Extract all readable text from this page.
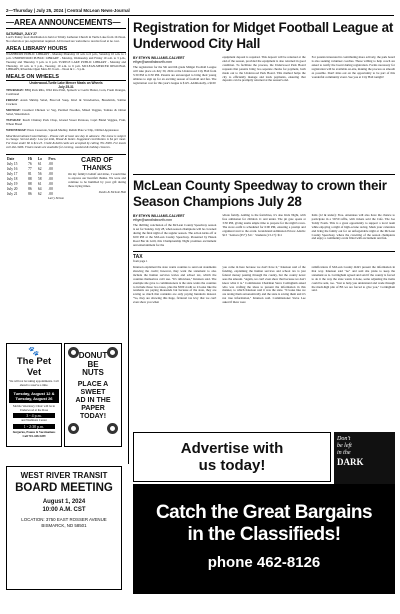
2—Thursday | July 25, 2024 | Central McLean News-Journal
—AREA ANNOUNCEMENTS—
SATURDAY, JULY 27
Lord's Pantry food distribution is held at Trinity Lutheran Church in Turtle Lake from 10-Noon. No referrals or pre-registration required. All in need are welcome to receive food at no cost.
AREA LIBRARY HOURS
WASHBURN PUBLIC LIBRARY - Monday-Thursday 10 a.m. to 6 p.m., Saturday 10 a.m. to 1 p.m. UNDERWOOD PUBLIC LIBRARY - Monday, Wednesday and Friday 10 a.m. to 3 p.m., Tuesday and Thursday 3 p.m. to 6 p.m. TURTLE LAKE PUBLIC LIBRARY - Monday and Thursday, 10 a.m. to 5 p.m., Tuesday, 10 a.m. to 6 p.m. MCLEAN-MERCER REGIONAL LIBRARY, Riverdale Open Mon-Fri 9 a.m. - Noon & 1 - 5 p.m.
MEALS ON WHEELS
Underwood-Turtle Lake Mercer Meals on Wheels
July 25-31
THURSDAY: BBQ Pork Ribs, Wild Rice Pilaf, Spinach w/ Garlic Butter, Corn, Fresh Oranges, Cornbread
FRIDAY: Asian Shrimp Salad, Broccoli Soup, Kiwi & Strawberries, Breadstick, Saltine Crackers
MONDAY: Creamed Chicken w/ Veg, Parslied Noodles, Mixed Veggies, Tomato & Onion Salad, Watermelon
TUESDAY: Peach Chutney Pork Chop, Glazed Sweet Potatoes, Capri Blend Veggies, Fruit, Wheat Bread
WEDNESDAY: Pizza Casserole, Squash Medley, Relish Plate w/ Dip, Chilled Applesauce
Meal Reservations/Cancellations - Please call at least one day in advance. The menu is subject to change. Served daily: Low fat milk, Bread & butter. Suggested contribution is $4 per meal. For those under 60 is $12.25. Credit & debit cards are accepted by calling 701-3000. For meals call 462-3486. Frozen meals are available for evening, weekend & holiday closures.
Date	Hi	Lo	Prec.
July 15	76	61	.00
July 16	77	62	.00
July 17	81	56	.00
July 18	88	58	.00
July 19	88	61	.00
July 20	86	64	.00
July 21	86	62	.00
Larry Nelson
CARD OF THANKS
On my family's behalf and mine, I would like to express our heartfelt thanks. We were and continue to be humbled by your gift during these trying times.
Dustin & Nichole Holt
🐾
The Pet Vet
We will not be taking appointments. Call ahead to reserve a time.
Tuesday, August 12 & Tuesday, August 26
Mobile Veterinary Clinic will be in Underwood at the Rose
3 - 4 p.m.
and Washburn Center
1 - 2:30 p.m.
Surgeries, Exams & Vaccinations
Call 701-448-5289
DONUT
BE
NUTS
PLACE A
SWEET
AD IN THE
PAPER
TODAY!
WEST RIVER TRANSIT
BOARD MEETING
August 1, 2024
10:00 A.M. CST
LOCATION: 3750 EAST ROSSER AVENUE
BISMARCK, ND 58501
Registration for Midget Football League at Underwood City Hall
BY ETHYN WILLIAMS-CALVERT
ethyn@wordinkworth.com
The registration for the 5th and 6th grade Midget Football League will take place on July 30, 2024 at the Underwood City Hall from 5:30 PM to 6:30 PM. Parents are encouraged to bring their young athletes to sign up for an exciting season of football and fun. The registration cost for this year's league is $125. Additionally, a $100
equipment deposit is required. This deposit will be returned at the end of the season, provided the equipment is also returned in good condition. To facilitate the process, the Underwood Park Board requests that parents bring two separate checks for payment, both made out to the Underwood Park Board. This method helps the city to efficiently manage and track payments, ensuring that deposits can be promptly returned at the season's end.
For parents interested in contributing more actively, the park board is also seeking volunteer coaches. Those willing to help coach are asked to notify the board during registration. Forms necessary for registration will be available on-site, making the process as smooth as possible. Don't miss out on the opportunity to be part of this wonderful community event. See you at City Hall tonight!
McLean County Speedway to crown their Season Champions July 28
BY ETHYN WILLIAMS-CALVERT
ethyn@wordinkworth.com
The thrilling conclusion of the McLean County Speedway season is set for Sunday, July 28, when season champions will be crowned during the final night of the regular season. The action kicks off at 6:00 PM at the McLean County Speedway. Presented by Hazen Road Bar & Grill, this Championship Night promises excitement and entertainment for the
whole family. Adding to the festivities, it's also Kids Night, with free admission for children 11 and under. The pit gate opens at 3:30 PM, giving teams ample time to prepare for the night's races. The stove outfit is scheduled for 6:00 PM, ensuring a prompt and organized start to the event. Grandstand Admission Prices: Adults: $13 · Seniors (65+): $11 · Students (13-17): $11
Kids (12 & under): Free. Attendees will also have the chance to participate in a 50/50 raffle, with tickets sold the Cafe. The Joe Teddy Foam. This is a great opportunity to support a local team while enjoying a night of high-octane racing. Mark your calendars and bring the family out for an unforgettable night at the McLean County Speedway, where the crowning of the season champions and enjoy a community event filled with excitement and fun.
TAX
from page 1
Knutson explained the state wants counties to send out statements showing the credit; however, they want the statement to also include the human services levies and school tax, which the counties themselves can't use. "It's ridiculous," Knutson said. The example she gave to commissioners is the state wants the counties to include those two taxes, plus the $500 credit so it looks like the residents are paying thousands but because of the state, they are saving so much that residents are only paying hundreds instead. "So, they are showing this huge, fictional tax levy that we can't even show you when
you come in here because we don't have it," Knutson said of the funding, explaining the human services and school tax is just federal money passing through the county, but the county never sees the amount. "Again, we can't even show that because we don't know what it is." Commission Chairman Steve Cottingham asked who was crafting the ideas to present the information in this manner, to which Knutson said it was the state. "It looks like we are taxing them astronomically and the state is saving them and it's not true information," Knutson said. Commissioner Steve Lee asked if there were
ramifications if McLean County didn't present the information in that way. Knutson said "no" and said she plans to keep the statement as is. Cottingham agreed and said if the county is forced to do it the way the state wants it done, some adjusting the items could be sent, too. "Just to help you understand and wade through the medi-high pile of BS we are forced to give you," Cottingham said.
Advertise with
us today!
Don't
be left
in the
DARK
Catch the Great Bargains
in the Classifieds!
phone 462-8126
